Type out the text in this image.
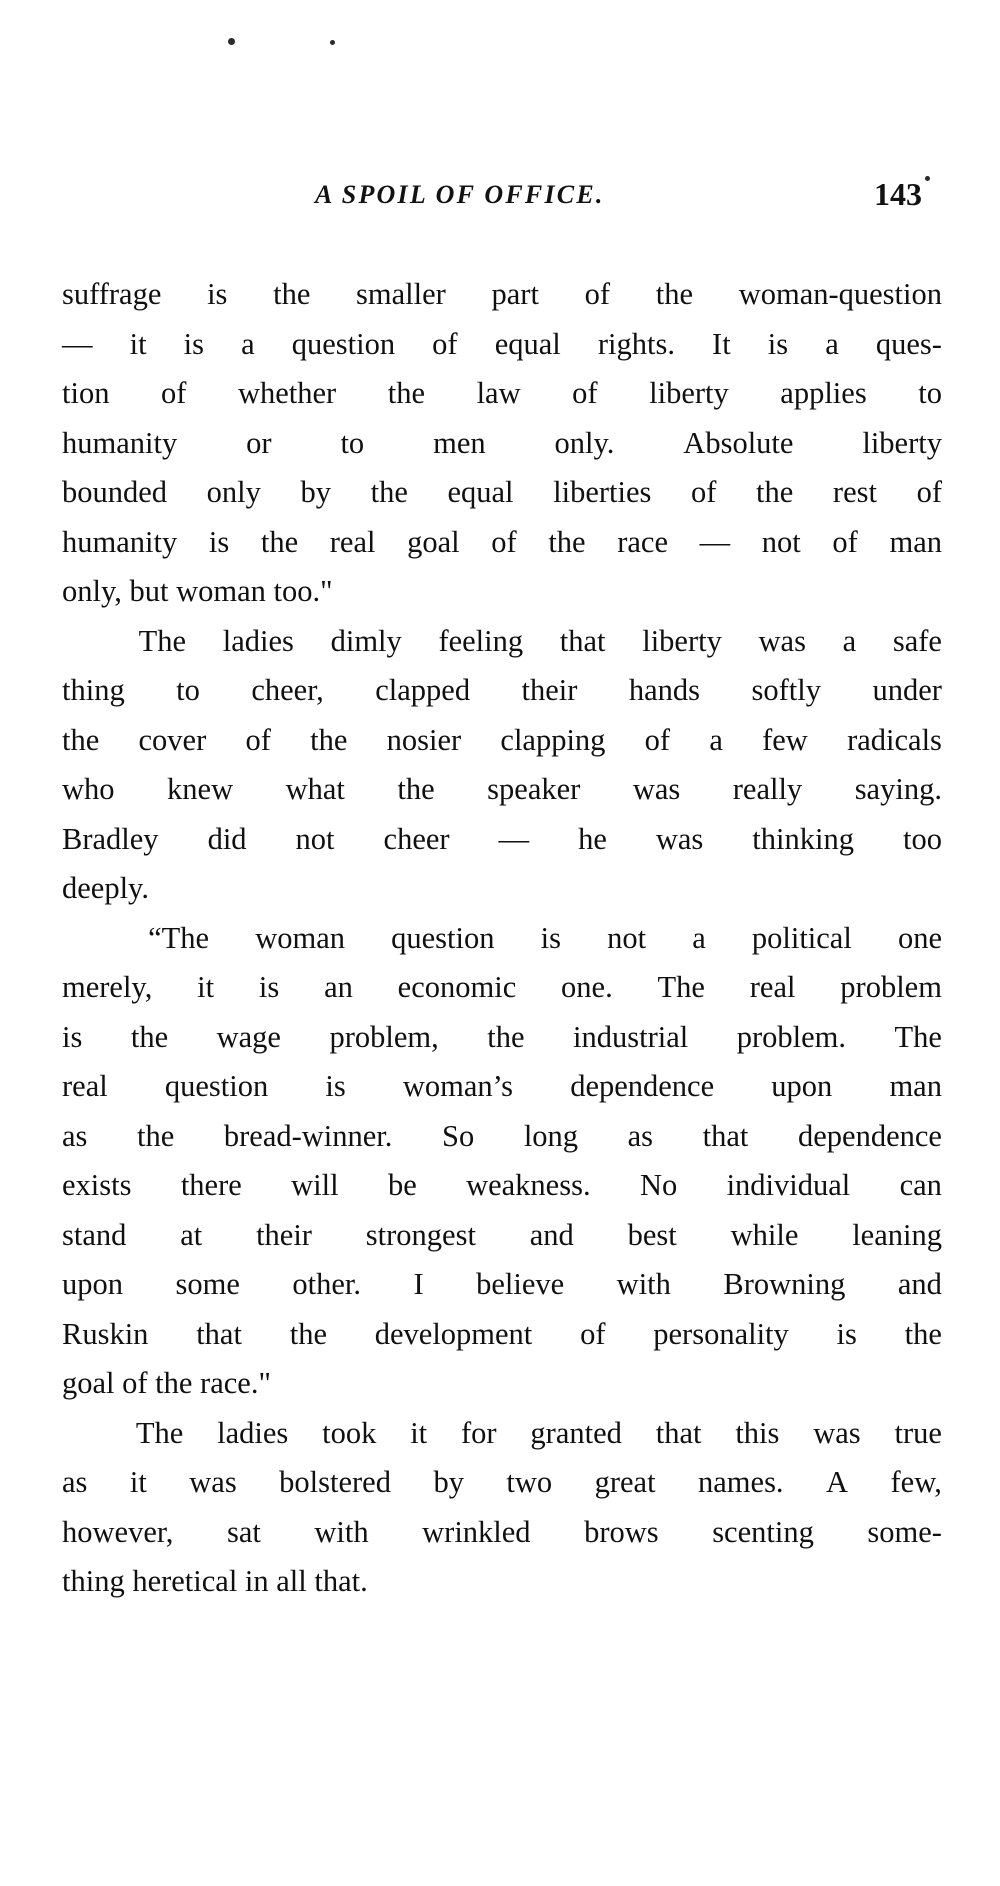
A SPOIL OF OFFICE.	143

suffrage is the smaller part of the woman-question
— it is a question of equal rights. It is a ques-
tion of whether the law of liberty applies to
humanity or to men only. Absolute liberty
bounded only by the equal liberties of the rest of
humanity is the real goal of the race — not of man
only, but woman too."

The ladies dimly feeling that liberty was a safe
thing to cheer, clapped their hands softly under
the cover of the nosier clapping of a few radicals
who knew what the speaker was really saying.
Bradley did not cheer — he was thinking too
deeply.

“The woman question is not a political one
merely, it is an economic one. The real problem
is the wage problem, the industrial problem. The
real question is woman’s dependence upon man
as the bread-winner. So long as that dependence
exists there will be weakness. No individual can
stand at their strongest and best while leaning
upon some other. I believe with Browning and
Ruskin that the development of personality is the
goal of the race."

The ladies took it for granted that this was true
as it was bolstered by two great names. A few,
however, sat with wrinkled brows scenting some-
thing heretical in all that.
